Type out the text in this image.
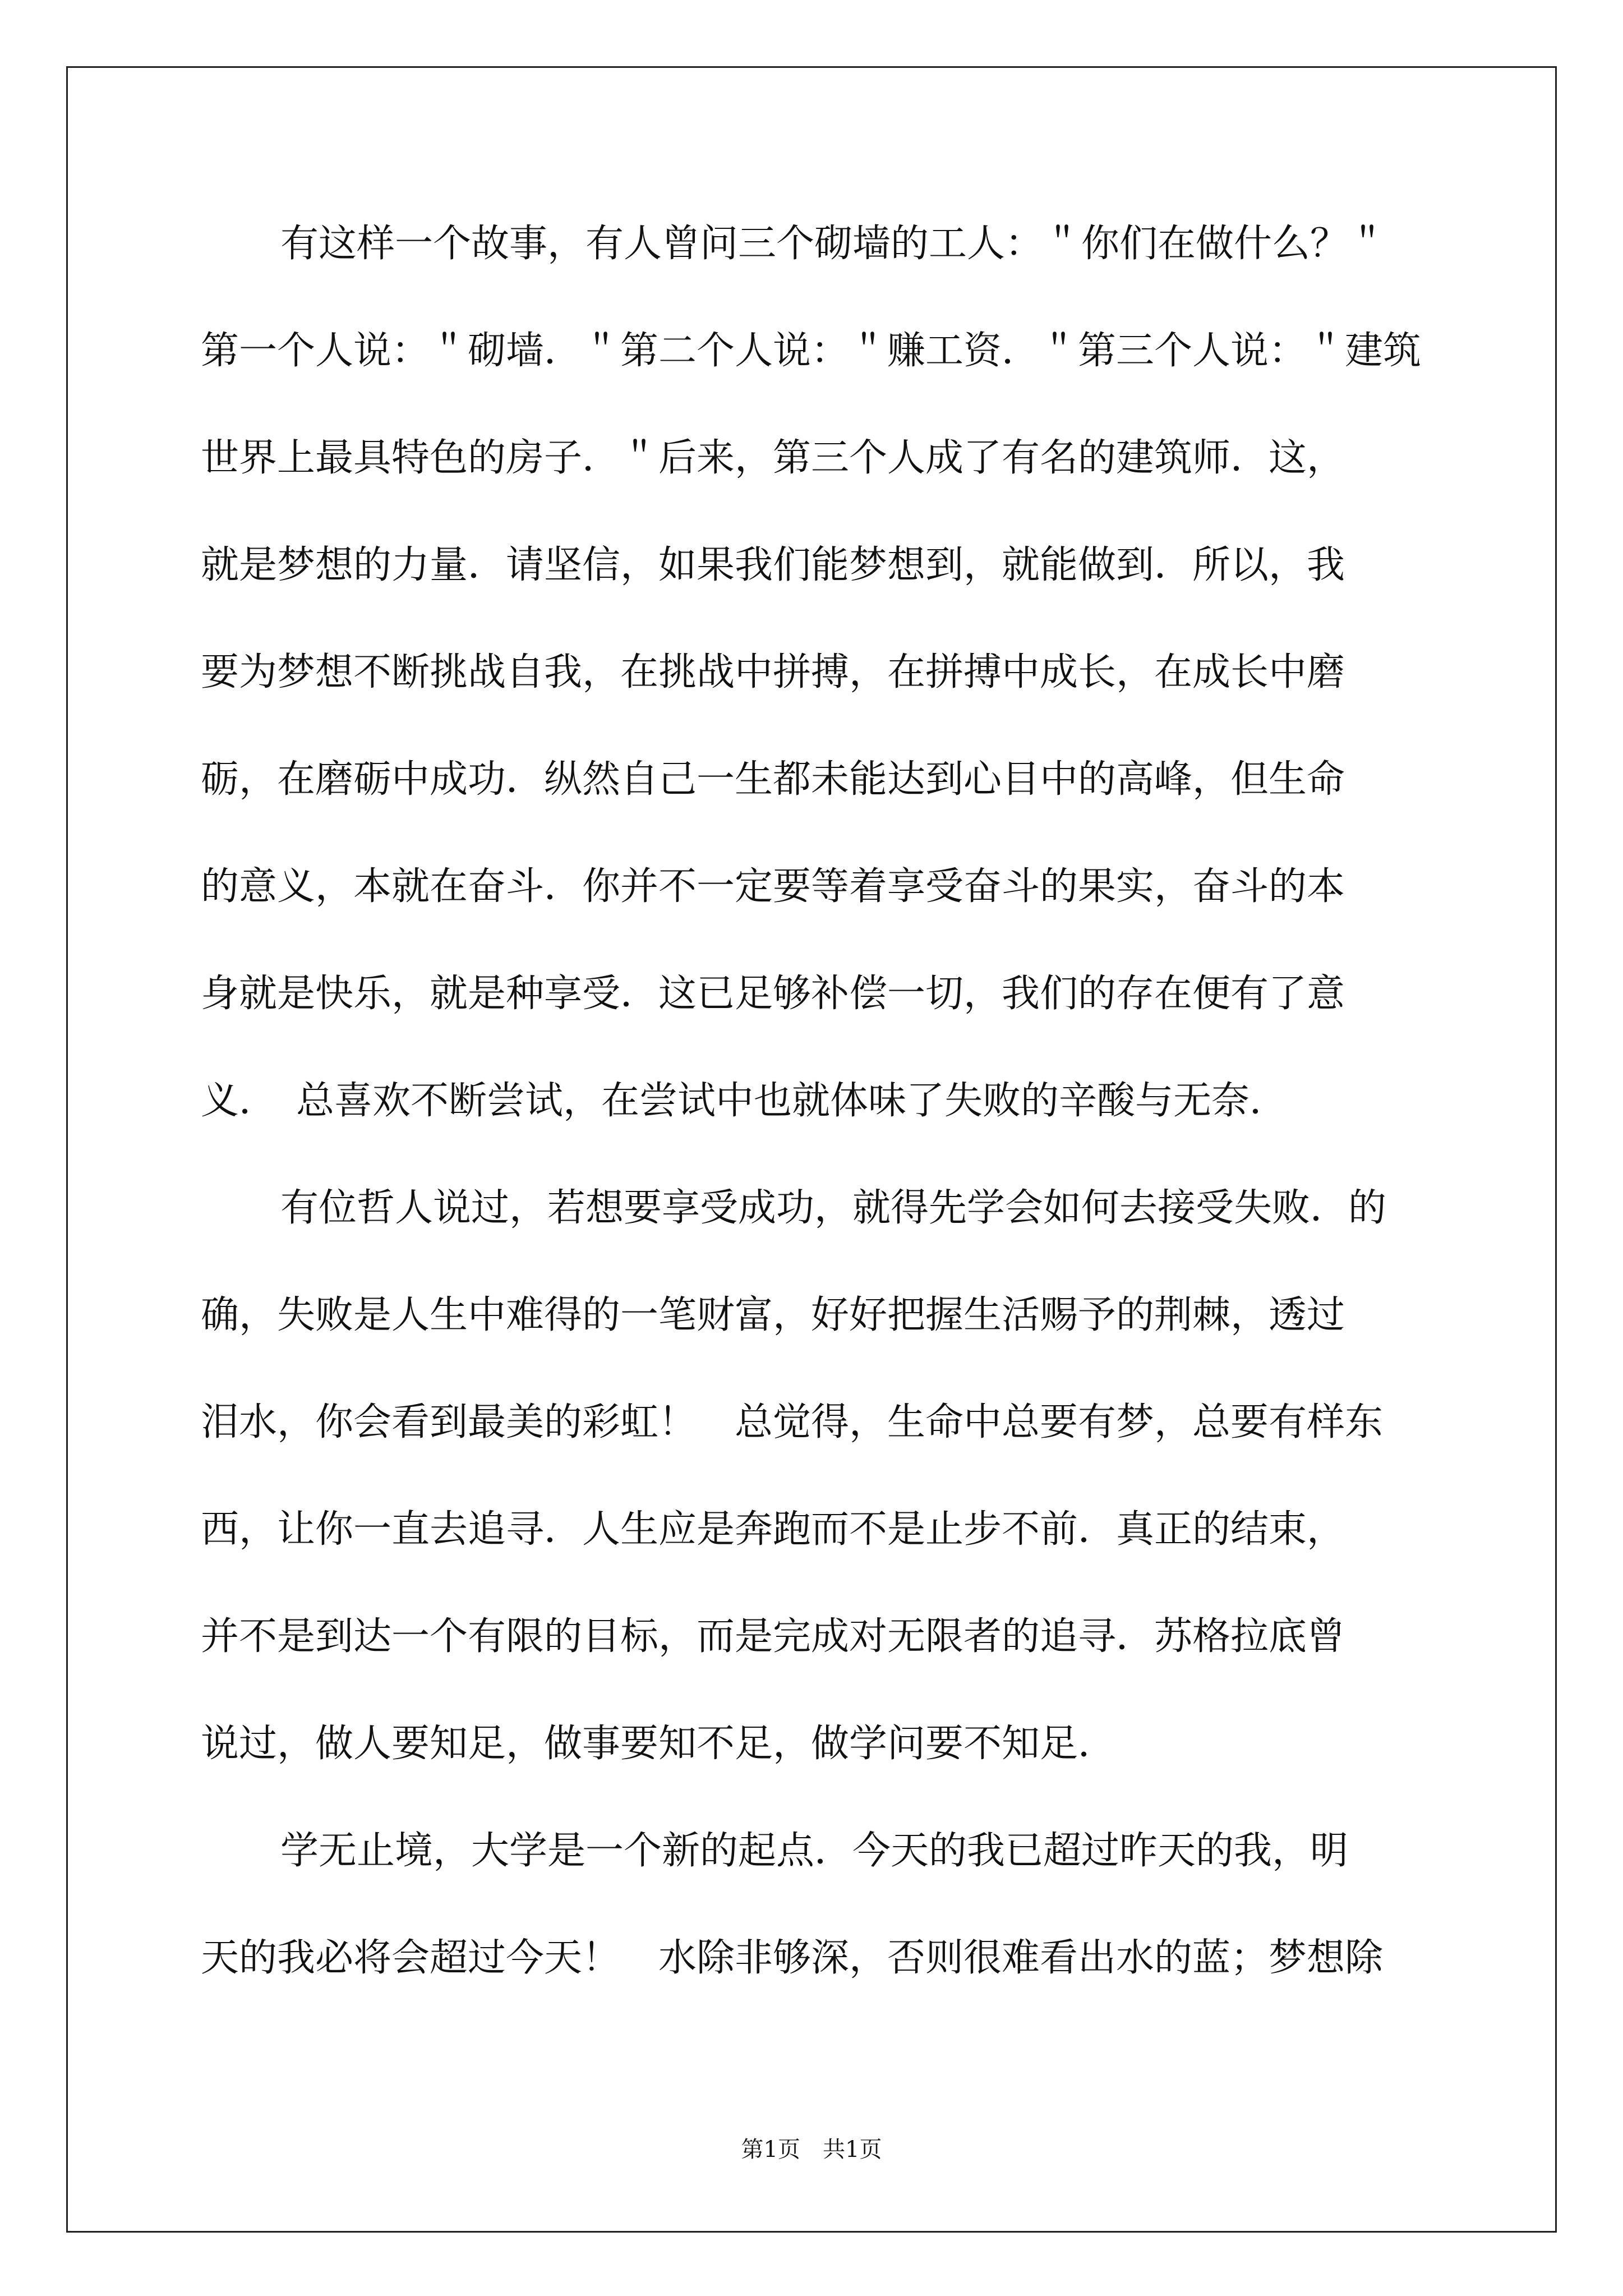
有这样一个故事，有人曾问三个砌墙的工人：＂你们在做什么？＂
第一个人说：＂砌墙．＂第二个人说：＂赚工资．＂第三个人说：＂建筑
世界上最具特色的房子．＂后来，第三个人成了有名的建筑师．这，
就是梦想的力量．请坚信，如果我们能梦想到，就能做到．所以，我
要为梦想不断挑战自我，在挑战中拼搏，在拼搏中成长，在成长中磨
砺，在磨砺中成功．纵然自己一生都未能达到心目中的高峰，但生命
的意义，本就在奋斗．你并不一定要等着享受奋斗的果实，奋斗的本
身就是快乐，就是种享受．这已足够补偿一切，我们的存在便有了意
义．　总喜欢不断尝试，在尝试中也就体味了失败的辛酸与无奈．
有位哲人说过，若想要享受成功，就得先学会如何去接受失败．的
确，失败是人生中难得的一笔财富，好好把握生活赐予的荆棘，透过
泪水，你会看到最美的彩虹！　总觉得，生命中总要有梦，总要有样东
西，让你一直去追寻．人生应是奔跑而不是止步不前．真正的结束，
并不是到达一个有限的目标，而是完成对无限者的追寻．苏格拉底曾
说过，做人要知足，做事要知不足，做学问要不知足．
学无止境，大学是一个新的起点．今天的我已超过昨天的我，明
天的我必将会超过今天！　水除非够深，否则很难看出水的蓝；梦想除
第1页　共1页
